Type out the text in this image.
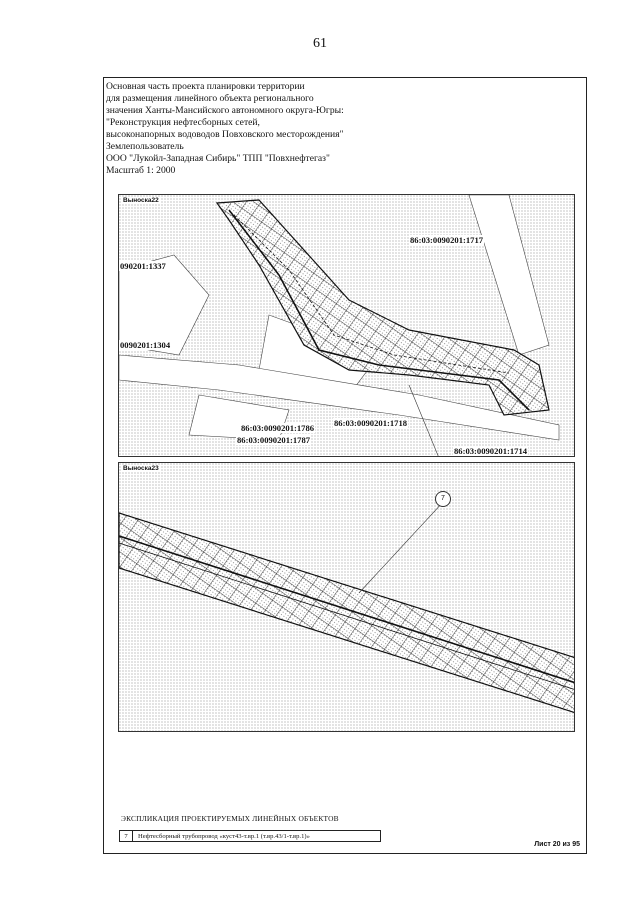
61
Основная часть проекта планировки территории
для размещения линейного объекта регионального
значения Ханты-Мансийского автономного округа-Югры:
"Реконструкция нефтесборных сетей,
высоконапорных водоводов Повховского месторождения"
Землепользователь
ООО "Лукойл-Западная Сибирь" ТПП "Повхнефтегаз"
Масштаб 1: 2000
Выноска22
86:03:0090201:1717
090201:1337
0090201:1304
86:03:0090201:1786 86:03:0090201:1718
86:03:0090201:1787
86:03:0090201:1714
Выноска23
7
ЭКСПЛИКАЦИЯ ПРОЕКТИРУЕМЫХ ЛИНЕЙНЫХ ОБЪЕКТОВ
7	Нефтесборный трубопровод «куст43-т.вр.1 (т.вр.43/1-т.вр.1)»
Лист 20 из 95
